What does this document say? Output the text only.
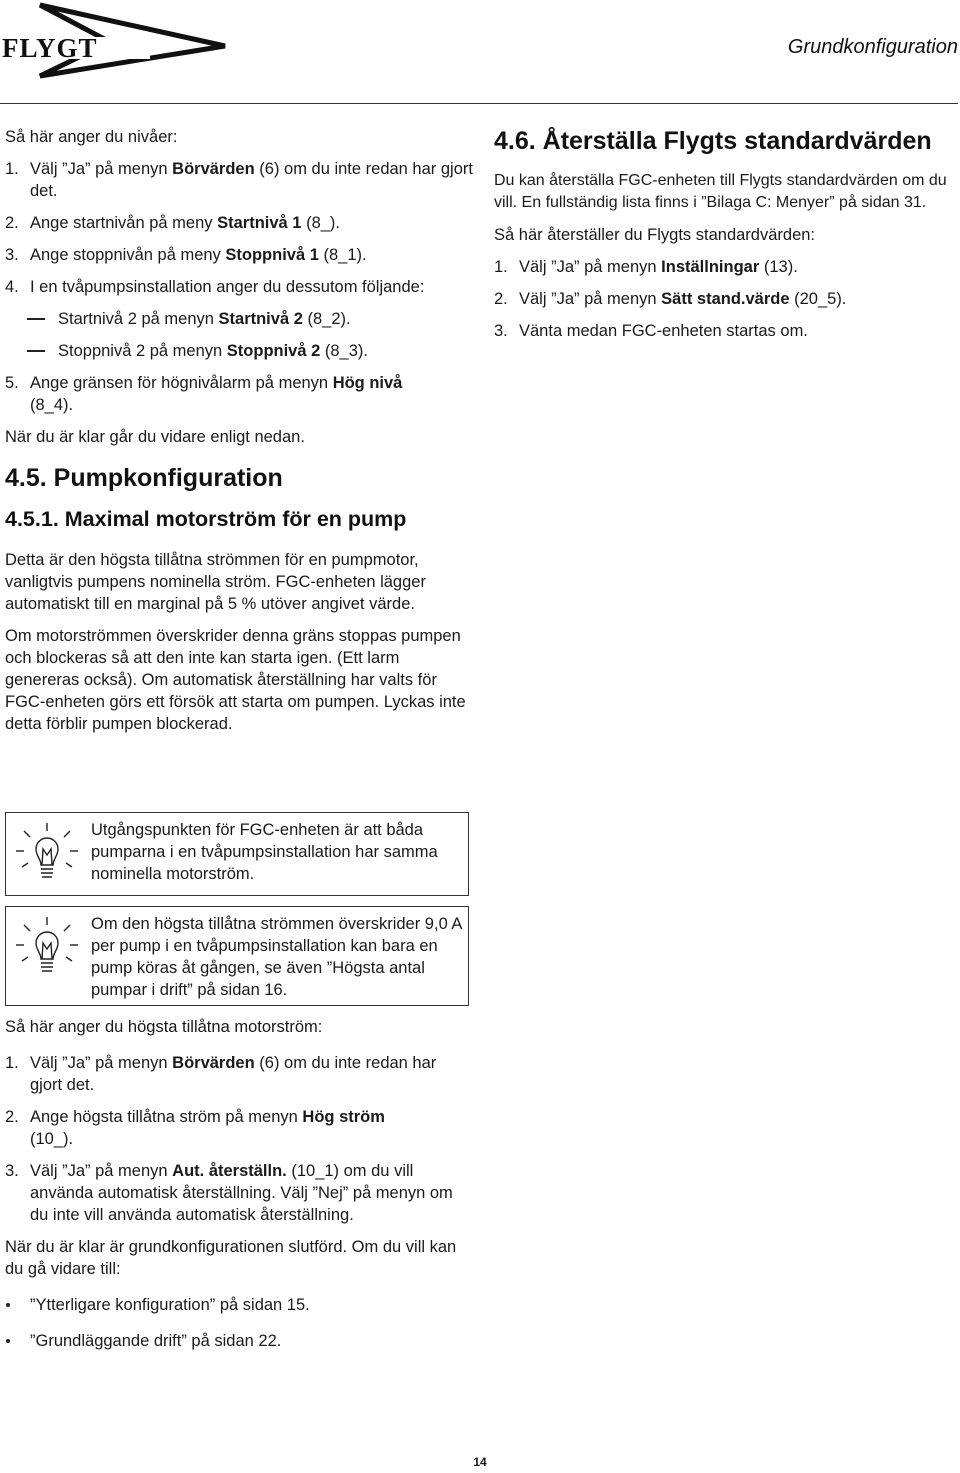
FLYGT	Grundkonfiguration

Så här anger du nivåer:

1. Välj ”Ja” på menyn Börvärden (6) om du inte redan har gjort det.
2. Ange startnivån på meny Startnivå 1 (8_).
3. Ange stoppnivån på meny Stoppnivå 1 (8_1).
4. I en tvåpumpsinstallation anger du dessutom följande:
Startnivå 2 på menyn Startnivå 2 (8_2).
Stoppnivå 2 på menyn Stoppnivå 2 (8_3).
5. Ange gränsen för högnivålarm på menyn Hög nivå (8_4).

När du är klar går du vidare enligt nedan.

4.5. Pumpkonfiguration
4.5.1. Maximal motorström för en pump

Detta är den högsta tillåtna strömmen för en pumpmotor, vanligtvis pumpens nominella ström. FGC-enheten lägger automatiskt till en marginal på 5 % utöver angivet värde.

Om motorströmmen överskrider denna gräns stoppas pumpen och blockeras så att den inte kan starta igen. (Ett larm genereras också). Om automatisk återställning har valts för FGC-enheten görs ett försök att starta om pumpen. Lyckas inte detta förblir pumpen blockerad.

Utgångspunkten för FGC-enheten är att båda pumparna i en tvåpumpsinstallation har samma nominella motorström.
Om den högsta tillåtna strömmen överskrider 9,0 A per pump i en tvåpumpsinstallation kan bara en pump köras åt gången, se även ”Högsta antal pumpar i drift” på sidan 16.

Så här anger du högsta tillåtna motorström:

1. Välj ”Ja” på menyn Börvärden (6) om du inte redan har gjort det.
2. Ange högsta tillåtna ström på menyn Hög ström (10_).
3. Välj ”Ja” på menyn Aut. återställn. (10_1) om du vill använda automatisk återställning. Välj ”Nej” på menyn om du inte vill använda automatisk återställning.

När du är klar är grundkonfigurationen slutförd. Om du vill kan du gå vidare till:

”Ytterligare konfiguration” på sidan 15.
”Grundläggande drift” på sidan 22.
4.6. Återställa Flygts standardvärden

Du kan återställa FGC-enheten till Flygts standardvärden om du vill. En fullständig lista finns i ”Bilaga C: Menyer” på sidan 31.

Så här återställer du Flygts standardvärden:

1. Välj ”Ja” på menyn Inställningar (13).
2. Välj ”Ja” på menyn Sätt stand.värde (20_5).
3. Vänta medan FGC-enheten startas om.
14
